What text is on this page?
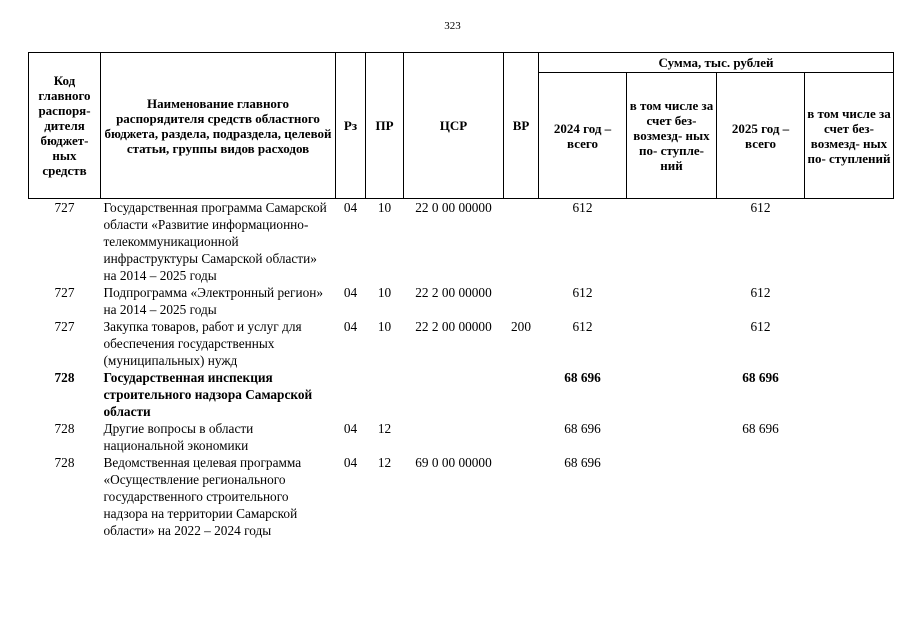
323
Код главного распоря- дителя бюджет- ных средств	Наименование главного распорядителя средств областного бюджета, раздела, подраздела, целевой статьи, группы видов расходов	Рз	ПР	ЦСР	ВР	Сумма, тыс. рублей			
						2024 год – всего	в том числе за счет без- возмезд- ных по- ступле- ний	2025 год – всего	в том числе за счет без- возмезд- ных по- ступлений
727	Государственная программа Самарской области «Развитие информационно-телекоммуникационной инфраструктуры Самарской области» на 2014 – 2025 годы	04	10	22 0 00 00000		612		612	
727	Подпрограмма «Электронный регион» на 2014 – 2025 годы	04	10	22 2 00 00000		612		612	
727	Закупка товаров, работ и услуг для обеспечения государственных (муниципальных) нужд	04	10	22 2 00 00000	200	612		612	
728	Государственная инспекция строительного надзора Самарской области					68 696		68 696	
728	Другие вопросы в области национальной экономики	04	12			68 696		68 696	
728	Ведомственная целевая программа «Осуществление регионального государственного строительного надзора на территории Самарской области» на 2022 – 2024 годы	04	12	69 0 00 00000		68 696			
